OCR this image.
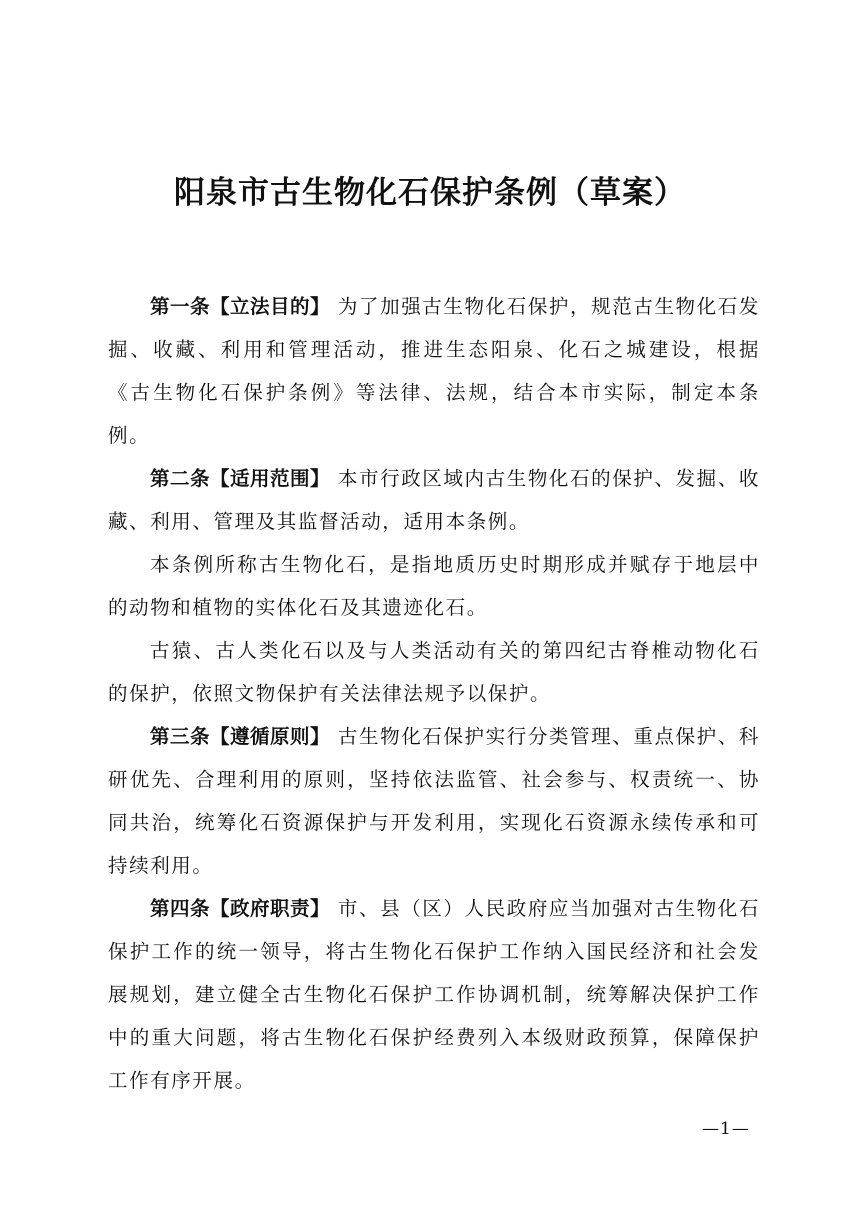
阳泉市古生物化石保护条例（草案）

第一条【立法目的】 为了加强古生物化石保护，规范古生物化石发掘、收藏、利用和管理活动，推进生态阳泉、化石之城建设，根据《古生物化石保护条例》等法律、法规，结合本市实际，制定本条例。

第二条【适用范围】 本市行政区域内古生物化石的保护、发掘、收藏、利用、管理及其监督活动，适用本条例。

本条例所称古生物化石，是指地质历史时期形成并赋存于地层中的动物和植物的实体化石及其遗迹化石。

古猿、古人类化石以及与人类活动有关的第四纪古脊椎动物化石的保护，依照文物保护有关法律法规予以保护。

第三条【遵循原则】 古生物化石保护实行分类管理、重点保护、科研优先、合理利用的原则，坚持依法监管、社会参与、权责统一、协同共治，统筹化石资源保护与开发利用，实现化石资源永续传承和可持续利用。

第四条【政府职责】 市、县（区）人民政府应当加强对古生物化石保护工作的统一领导，将古生物化石保护工作纳入国民经济和社会发展规划，建立健全古生物化石保护工作协调机制，统筹解决保护工作中的重大问题，将古生物化石保护经费列入本级财政预算，保障保护工作有序开展。

—1—
